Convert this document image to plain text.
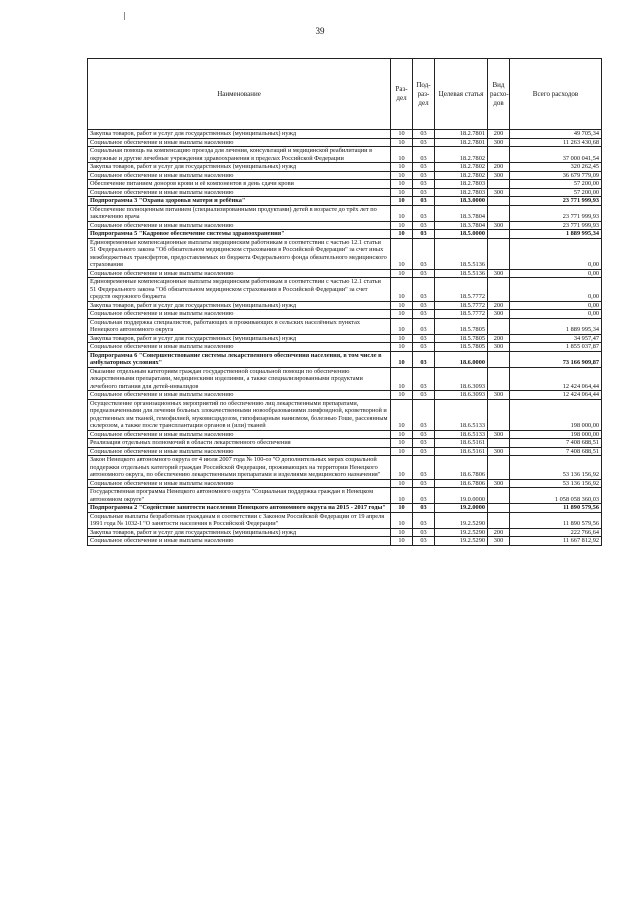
39
Наименование	Раз-дел	Под-раз-дел	Целевая статья	Вид расхо-дов	Всего расходов
Закупка товаров, работ и услуг для государственных (муниципальных) нужд	10	03	18.2.7801	200	49 705,34
Социальное обеспечение и иные выплаты населению	10	03	18.2.7801	300	11 263 430,68
Социальная помощь на компенсацию проезда для лечения, консультаций и медицинской реабилитации в окружные и другие лечебные учреждения здравоохранения в пределах Российской Федерации	10	03	18.2.7802		37 000 041,54
Закупка товаров, работ и услуг для государственных (муниципальных) нужд	10	03	18.2.7802	200	320 262,45
Социальное обеспечение и иные выплаты населению	10	03	18.2.7802	300	36 679 779,09
Обеспечение питанием доноров крови и её компонентов в день сдачи крови	10	03	18.2.7803		57 200,00
Социальное обеспечение и иные выплаты населению	10	03	18.2.7803	300	57 200,00
Подпрограмма 3 "Охрана здоровья матери и ребёнка"	10	03	18.3.0000		23 771 999,93
Обеспечение полноценным питанием (специализированными продуктами) детей в возрасте до трёх лет по заключению врача	10	03	18.3.7804		23 771 999,93
Социальное обеспечение и иные выплаты населению	10	03	18.3.7804	300	23 771 999,93
Подпрограмма 5 "Кадровое обеспечение системы здравоохранения"	10	03	18.5.0000		1 889 995,34
Единовременные компенсационные выплаты медицинским работникам в соответствии с частью 12.1 статьи 51 Федерального закона "Об обязательном медицинском страховании в Российской Федерации" за счет иных межбюджетных трансфертов, предоставляемых из бюджета Федерального фонда обязательного медицинского страхования	10	03	18.5.5136		0,00
Социальное обеспечение и иные выплаты населению	10	03	18.5.5136	300	0,00
Единовременные компенсационные выплаты медицинским работникам в соответствии с частью 12.1 статьи 51 Федерального закона "Об обязательном медицинском страховании в Российской Федерации" за счет средств окружного бюджета	10	03	18.5.7772		0,00
Закупка товаров, работ и услуг для государственных (муниципальных) нужд	10	03	18.5.7772	200	0,00
Социальное обеспечение и иные выплаты населению	10	03	18.5.7772	300	0,00
Социальная поддержка специалистов, работающих и проживающих в сельских населённых пунктах Ненецкого автономного округа	10	03	18.5.7805		1 889 995,34
Закупка товаров, работ и услуг для государственных (муниципальных) нужд	10	03	18.5.7805	200	34 957,47
Социальное обеспечение и иные выплаты населению	10	03	18.5.7805	300	1 855 037,87
Подпрограмма 6 "Совершенствование системы лекарственного обеспечения населения, в том числе в амбулаторных условиях"	10	03	18.6.0000		73 166 909,87
Оказание отдельным категориям граждан государственной социальной помощи по обеспечению лекарственными препаратами, медицинскими изделиями, а также специализированными продуктами лечебного питания для детей-инвалидов	10	03	18.6.3093		12 424 064,44
Социальное обеспечение и иные выплаты населению	10	03	18.6.3093	300	12 424 064,44
Осуществление организационных мероприятий по обеспечению лиц лекарственными препаратами, предназначенными для лечения больных злокачественными новообразованиями лимфоидной, кроветворной и родственных им тканей, гемофилией, муковисцидозом, гипофизарным нанизмом, болезнью Гоше, рассеянным склерозом, а также после трансплантации органов и (или) тканей	10	03	18.6.5133		198 000,00
Социальное обеспечение и иные выплаты населению	10	03	18.6.5133	300	198 000,00
Реализация отдельных полномочий в области лекарственного обеспечения	10	03	18.6.5161		7 408 688,51
Социальное обеспечение и иные выплаты населению	10	03	18.6.5161	300	7 408 688,51
Закон Ненецкого автономного округа от 4 июля 2007 года № 100-оз "О дополнительных мерах социальной поддержки отдельных категорий граждан Российской Федерации, проживающих на территории Ненецкого автономного округа, по обеспечению лекарственными препаратами и изделиями медицинского назначения"	10	03	18.6.7806		53 136 156,92
Социальное обеспечение и иные выплаты населению	10	03	18.6.7806	300	53 136 156,92
Государственная программа Ненецкого автономного округа "Социальная поддержка граждан в Ненецком автономном округе"	10	03	19.0.0000		1 058 058 360,03
Подпрограмма 2 "Содействие занятости населения Ненецкого автономного округа на 2015 - 2017 годы"	10	03	19.2.0000		11 890 579,56
Социальные выплаты безработным гражданам в соответствии с Законом Российской Федерации от 19 апреля 1991 года № 1032-I "О занятости населения в Российской Федерации"	10	03	19.2.5290		11 890 579,56
Закупка товаров, работ и услуг для государственных (муниципальных) нужд	10	03	19.2.5290	200	222 766,64
Социальное обеспечение и иные выплаты населению	10	03	19.2.5290	300	11 667 812,92
